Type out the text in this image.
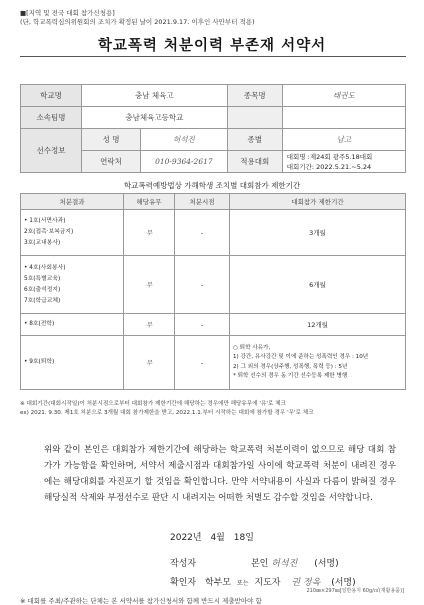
■[지역 및 전국 대회 참가신청용]
(단, 학교폭력심의위원회의 조치가 확정된 날이 2021.9.17. 이후인 사안부터 적용)
학교폭력 처분이력 부존재 서약서
학교명	충남 체육고		종목명	태권도
소속팀명	충남체육고등학교			
선수정보	성 명	허석진	종별	남고
	연락처	010-9364-2617	적용대회	대회명 :제24회 광주5.18대회
대회기간: 2022.5.21.~5.24
학교폭력예방법상 가해학생 조치별 대회참가 제한기간
처분결과	해당유무	처분시점	대회참가 제한기간
• 1호(서면사과)
2호(접촉·보복금지)
3호(교내봉사)	무	-	3개월
• 4호(사회봉사)
5호(특별교육)
6호(출석정지)
7호(학급교체)	무	-	6개월
• 8호(전학)	무	-	12개월
• 9호(퇴학)	무	-	○ 퇴학 사유가,
1) 강간, 유사강간 및 이에 준하는 성폭력인 경우 : 10년
2) 그 외의 경우(상주행, 성폭행, 폭력 등) : 5년
* 퇴학 선수의 경우 동 기간 선수등록 제한 병행
※ 대회기간(대회시작일)이 처분시점으로부터 대회참가 제한기간에 해당하는 경우에만 해당유무에 '유'로 체크
ex) 2021. 9.30. 제1호 처분으로 3개월 대회 참가제한을 받고, 2022.1.1.부터 시작하는 대회에 참가할 경우 '무'로 체크
위와 같이 본인은 대회참가 제한기간에 해당하는 학교폭력 처분이력이 없으므로 해당 대회 참가가 가능함을 확인하며, 서약서 제출시점과 대회참가일 사이에 학교폭력 처분이 내려진 경우에는 해당대회를 자진포기 할 것임을 확인합니다. 만약 서약내용이 사실과 다름이 밝혀질 경우 해당실적 삭제와 부정선수로 판단 시 내려지는 어떠한 처벌도 감수할 것임을 서약합니다.
2022년 4월 18일
작성자	본인 허석진 (서명)
확인자 학부모 또는 지도자 권 정옥 (서명)
210㎜×297㎜[일반용지 60g/㎡(재활용품)]
※ 대회를 주최/주관하는 단체는 본 서약서를 참가신청서와 함께 반드시 제출받아야 함
